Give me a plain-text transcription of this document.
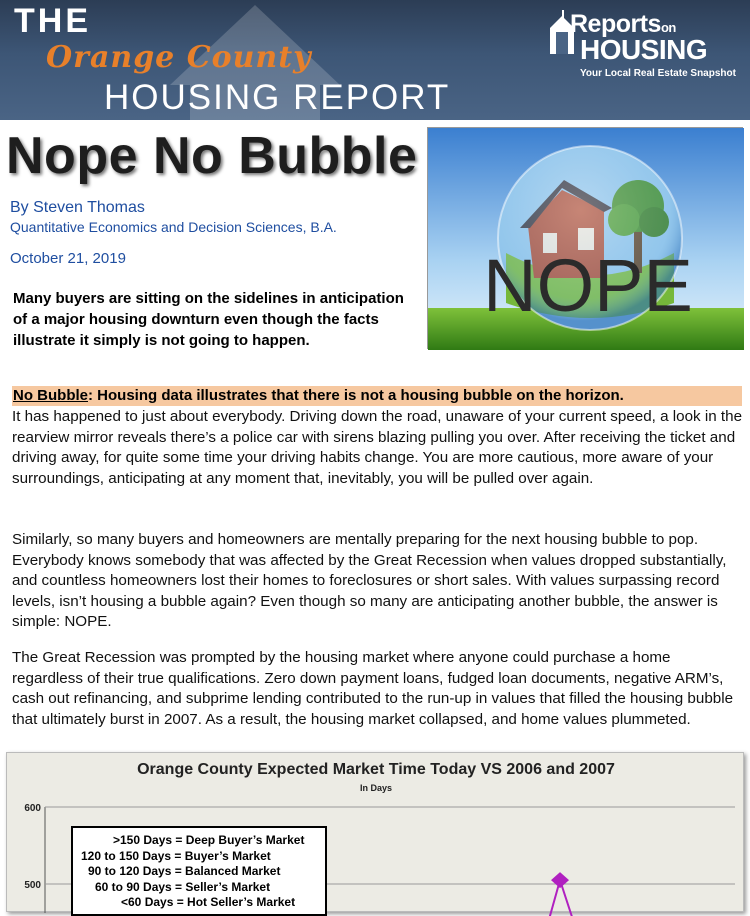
THE
Orange County
HOUSING REPORT
Reportson
HOUSING
Your Local Real Estate Snapshot
Nope No Bubble
By Steven Thomas
Quantitative Economics and Decision Sciences, B.A.
October 21, 2019
Many buyers are sitting on the sidelines in anticipation of a major housing downturn even though the facts illustrate it simply is not going to happen.
NOPE
No Bubble: Housing data illustrates that there is not a housing bubble on the horizon.
It has happened to just about everybody. Driving down the road, unaware of your current speed, a look in the rearview mirror reveals there’s a police car with sirens blazing pulling you over. After receiving the ticket and driving away, for quite some time your driving habits change. You are more cautious, more aware of your surroundings, anticipating at any moment that, inevitably, you will be pulled over again.
Similarly, so many buyers and homeowners are mentally preparing for the next housing bubble to pop. Everybody knows somebody that was affected by the Great Recession when values dropped substantially, and countless homeowners lost their homes to foreclosures or short sales. With values surpassing record levels, isn’t housing a bubble again? Even though so many are anticipating another bubble, the answer is simple: NOPE.
The Great Recession was prompted by the housing market where anyone could purchase a home regardless of their true qualifications. Zero down payment loans, fudged loan documents, negative ARM’s, cash out refinancing, and subprime lending contributed to the run-up in values that filled the housing bubble that ultimately burst in 2007. As a result, the housing market collapsed, and home values plummeted.
Orange County Expected Market Time Today VS 2006 and 2007
In Days
600
500
>150 Days = Deep Buyer’s Market
120 to 150 Days = Buyer’s Market
90 to 120 Days = Balanced Market
60 to 90 Days = Seller’s Market
<60 Days = Hot Seller’s Market
